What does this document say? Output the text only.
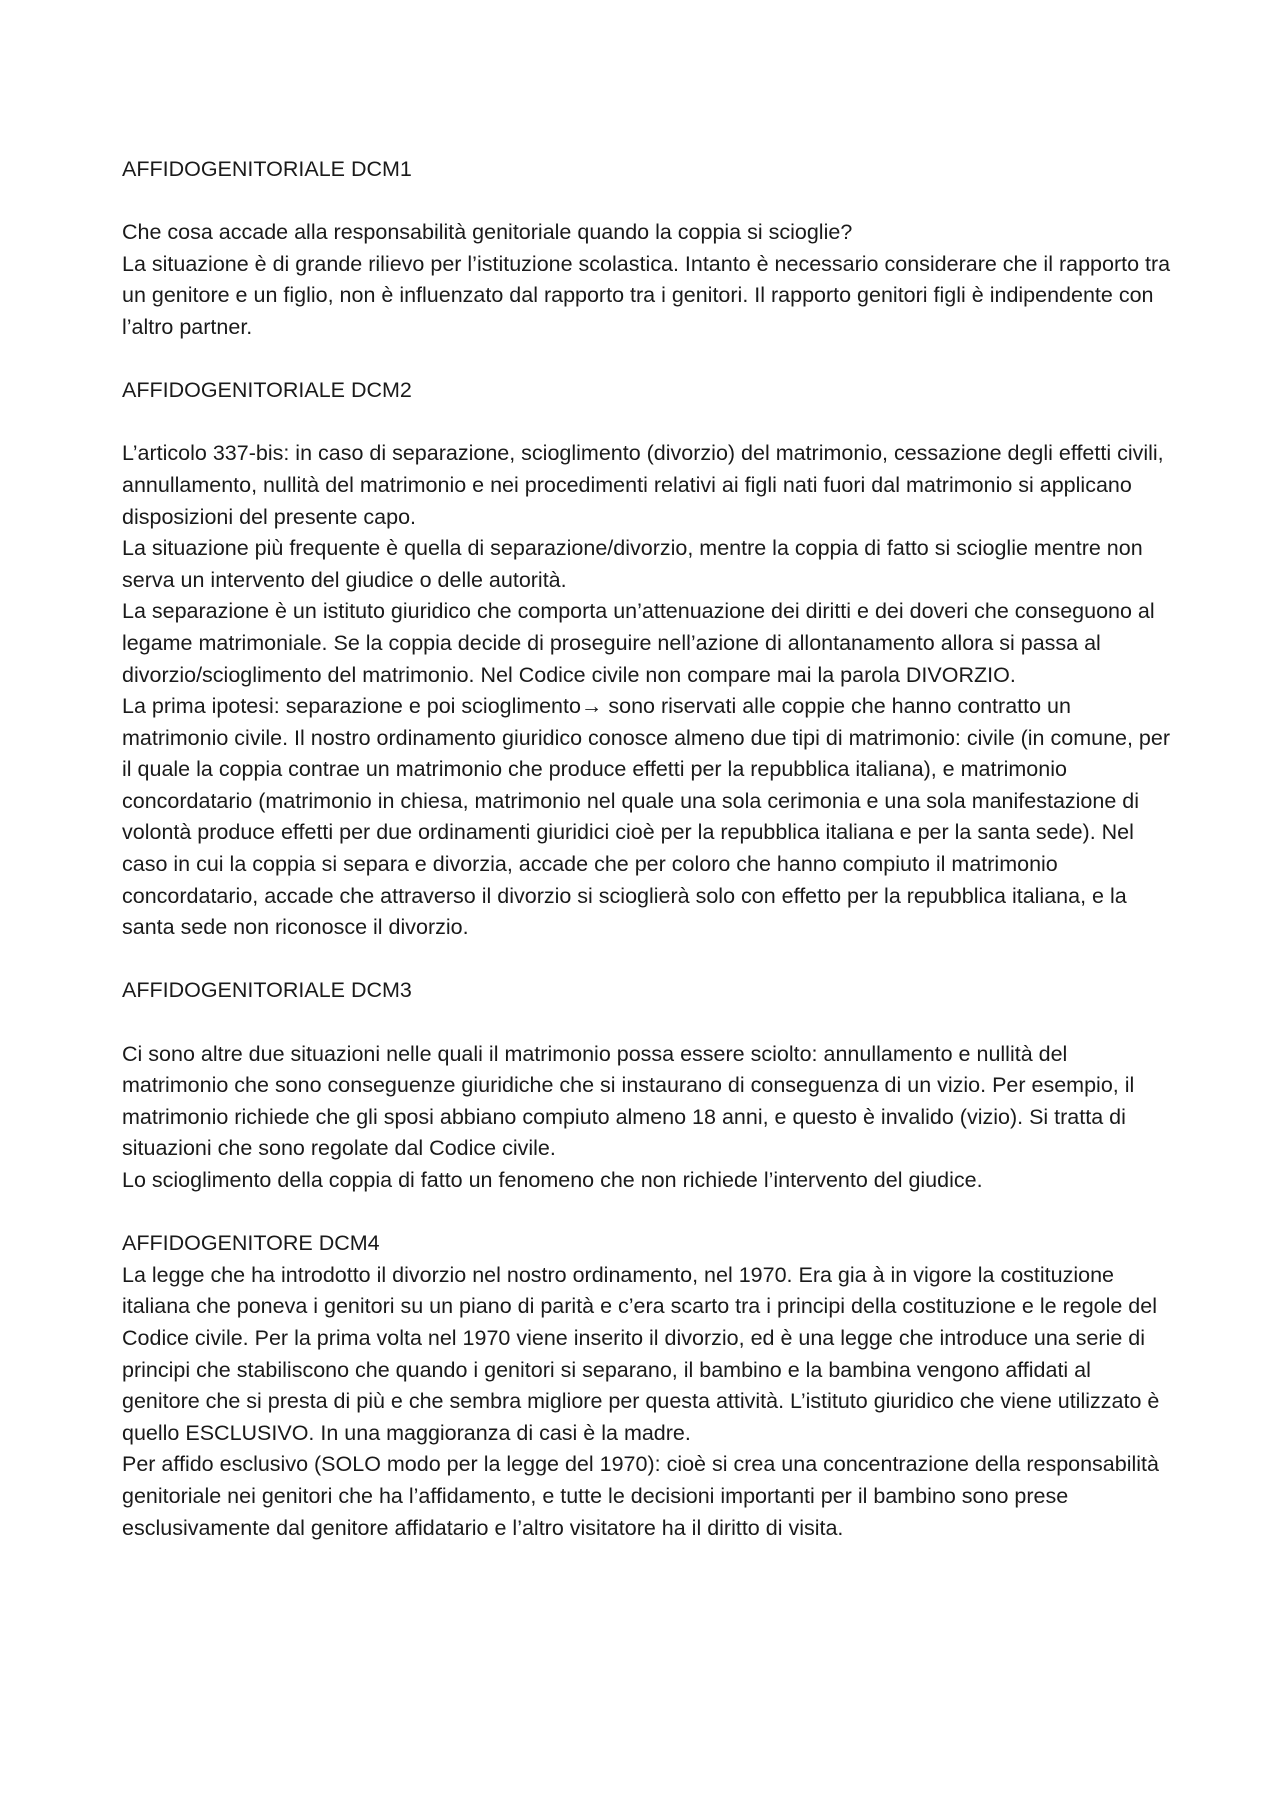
AFFIDOGENITORIALE DCM1

Che cosa accade alla responsabilità genitoriale quando la coppia si scioglie?

La situazione è di grande rilievo per l’istituzione scolastica. Intanto è necessario considerare che il rapporto tra un genitore e un figlio, non è influenzato dal rapporto tra i genitori. Il rapporto genitori figli è indipendente con l’altro partner.

AFFIDOGENITORIALE DCM2

L’articolo 337-bis: in caso di separazione, scioglimento (divorzio) del matrimonio, cessazione degli effetti civili, annullamento, nullità del matrimonio e nei procedimenti relativi ai figli nati fuori dal matrimonio si applicano disposizioni del presente capo.

La situazione più frequente è quella di separazione/divorzio, mentre la coppia di fatto si scioglie mentre non serva un intervento del giudice o delle autorità.

La separazione è un istituto giuridico che comporta un’attenuazione dei diritti e dei doveri che conseguono al legame matrimoniale. Se la coppia decide di proseguire nell’azione di allontanamento allora si passa al divorzio/scioglimento del matrimonio. Nel Codice civile non compare mai la parola DIVORZIO.

La prima ipotesi: separazione e poi scioglimento→ sono riservati alle coppie che hanno contratto un matrimonio civile. Il nostro ordinamento giuridico conosce almeno due tipi di matrimonio: civile (in comune, per il quale la coppia contrae un matrimonio che produce effetti per la repubblica italiana), e matrimonio concordatario (matrimonio in chiesa, matrimonio nel quale una sola cerimonia e una sola manifestazione di volontà produce effetti per due ordinamenti giuridici cioè per la repubblica italiana e per la santa sede). Nel caso in cui la coppia si separa e divorzia, accade che per coloro che hanno compiuto il matrimonio concordatario, accade che attraverso il divorzio si scioglierà solo con effetto per la repubblica italiana, e la santa sede non riconosce il divorzio.

AFFIDOGENITORIALE DCM3

Ci sono altre due situazioni nelle quali il matrimonio possa essere sciolto: annullamento e nullità del matrimonio che sono conseguenze giuridiche che si instaurano di conseguenza di un vizio. Per esempio, il matrimonio richiede che gli sposi abbiano compiuto almeno 18 anni, e questo è invalido (vizio). Si tratta di situazioni che sono regolate dal Codice civile.

Lo scioglimento della coppia di fatto un fenomeno che non richiede l’intervento del giudice.

AFFIDOGENITORE DCM4

La legge che ha introdotto il divorzio nel nostro ordinamento, nel 1970. Era gia à in vigore la costituzione italiana che poneva i genitori su un piano di parità e c’era scarto tra i principi della costituzione e le regole del Codice civile. Per la prima volta nel 1970 viene inserito il divorzio, ed è una legge che introduce una serie di principi che stabiliscono che quando i genitori si separano, il bambino e la bambina vengono affidati al genitore che si presta di più e che sembra migliore per questa attività. L’istituto giuridico che viene utilizzato è quello ESCLUSIVO. In una maggioranza di casi è la madre.

Per affido esclusivo (SOLO modo per la legge del 1970): cioè si crea una concentrazione della responsabilità genitoriale nei genitori che ha l’affidamento, e tutte le decisioni importanti per il bambino sono prese esclusivamente dal genitore affidatario e l’altro visitatore ha il diritto di visita.
